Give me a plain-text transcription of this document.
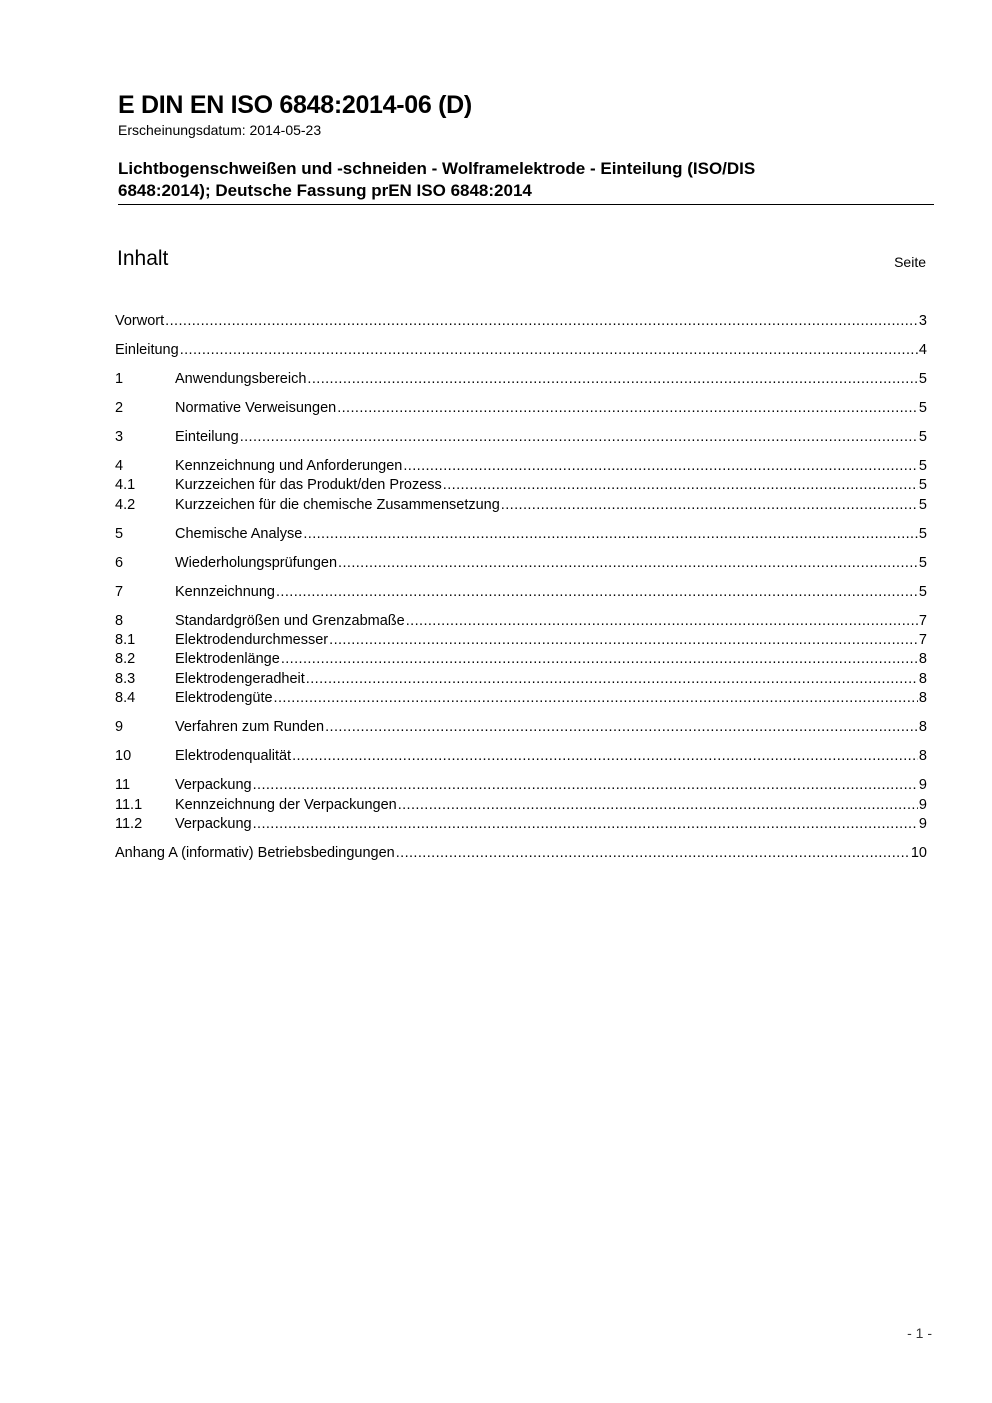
E DIN EN ISO 6848:2014-06 (D)
Erscheinungsdatum: 2014-05-23
Lichtbogenschweißen und -schneiden - Wolframelektrode - Einteilung (ISO/DIS
6848:2014); Deutsche Fassung prEN ISO 6848:2014
Inhalt	Seite
Vorwort .....	3
Einleitung .....	4
1	Anwendungsbereich .....	5
2	Normative Verweisungen .....	5
3	Einteilung .....	5
4	Kennzeichnung und Anforderungen .....	5
4.1	Kurzzeichen für das Produkt/den Prozess .....	5
4.2	Kurzzeichen für die chemische Zusammensetzung .....	5
5	Chemische Analyse .....	5
6	Wiederholungsprüfungen .....	5
7	Kennzeichnung .....	5
8	Standardgrößen und Grenzabmaße .....	7
8.1	Elektrodendurchmesser .....	7
8.2	Elektrodenlänge .....	8
8.3	Elektrodengeradheit .....	8
8.4	Elektrodengüte .....	8
9	Verfahren zum Runden .....	8
10	Elektrodenqualität .....	8
11	Verpackung .....	9
11.1	Kennzeichnung der Verpackungen .....	9
11.2	Verpackung .....	9
Anhang A (informativ) Betriebsbedingungen .....	10
- 1 -
